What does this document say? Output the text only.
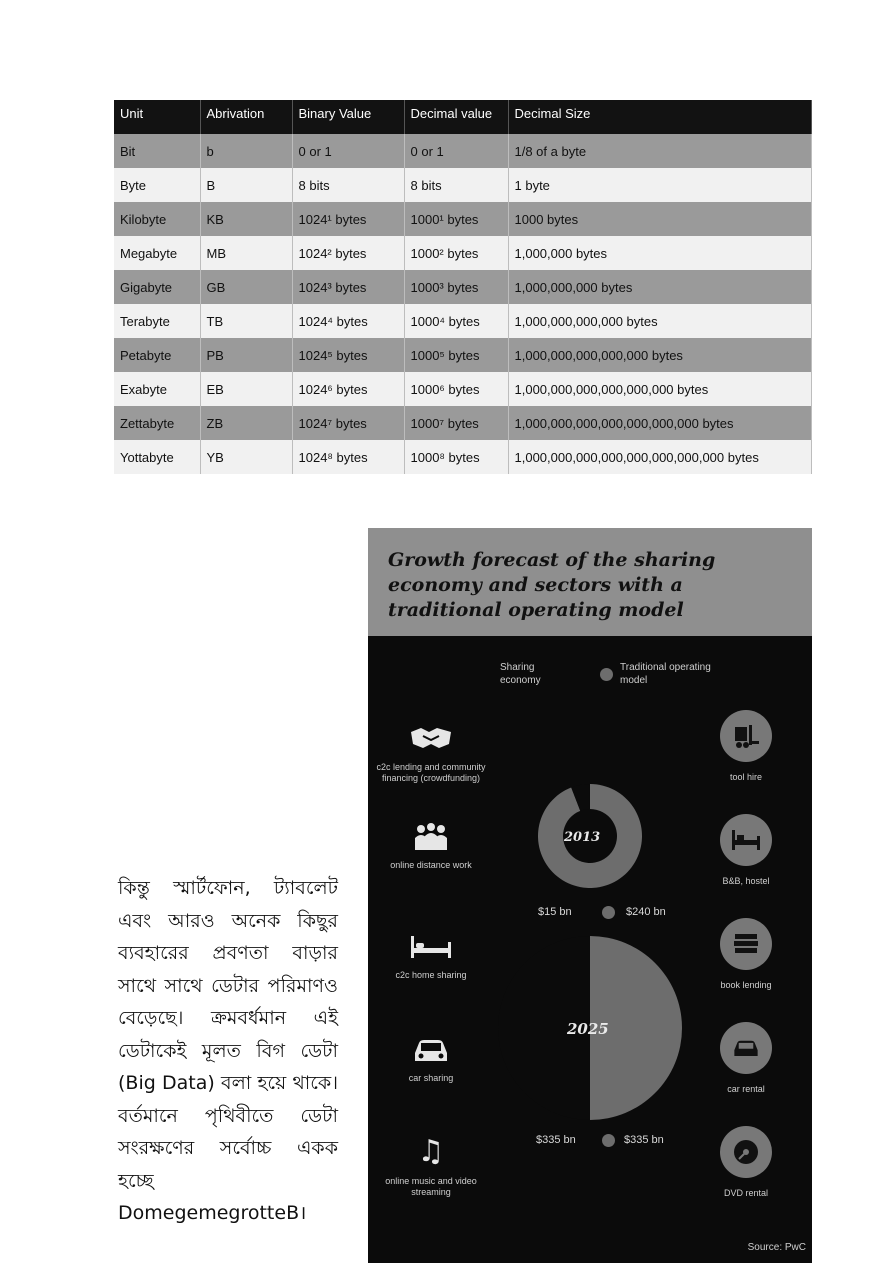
Unit	Abrivation	Binary Value	Decimal value	Decimal Size
Bit	b	0 or 1	0 or 1	1/8 of a byte
Byte	B	8 bits	8 bits	1 byte
Kilobyte	KB	1024¹ bytes	1000¹ bytes	1000 bytes
Megabyte	MB	1024² bytes	1000² bytes	1,000,000 bytes
Gigabyte	GB	1024³ bytes	1000³ bytes	1,000,000,000 bytes
Terabyte	TB	1024⁴ bytes	1000⁴ bytes	1,000,000,000,000 bytes
Petabyte	PB	1024⁵ bytes	1000⁵ bytes	1,000,000,000,000,000 bytes
Exabyte	EB	1024⁶ bytes	1000⁶ bytes	1,000,000,000,000,000,000 bytes
Zettabyte	ZB	1024⁷ bytes	1000⁷ bytes	1,000,000,000,000,000,000,000 bytes
Yottabyte	YB	1024⁸ bytes	1000⁸ bytes	1,000,000,000,000,000,000,000,000 bytes
Growth forecast of the sharing economy and sectors with a traditional operating model
Sharing economy
Traditional operating model
c2c lending and community financing (crowdfunding)
online distance work
c2c home sharing
car sharing
♫
online music and video streaming
tool hire
B&B, hostel
book lending
car rental
DVD rental
2013
$15 bn	$240 bn
2025
$335 bn	$335 bn
Source: PwC

কিন্তু স্মার্টফোন, ট্যাবলেট এবং আরও অনেক কিছুর ব্যবহারের প্রবণতা বাড়ার সাথে সাথে ডেটার পরিমাণও বেড়েছে। ক্রমবর্ধমান এই ডেটাকেই মূলত বিগ ডেটা (Big Data) বলা হয়ে থাকে। বর্তমানে পৃথিবীতে ডেটা সংরক্ষণের সর্বোচ্চ একক হচ্ছে DomegemegrotteB।
